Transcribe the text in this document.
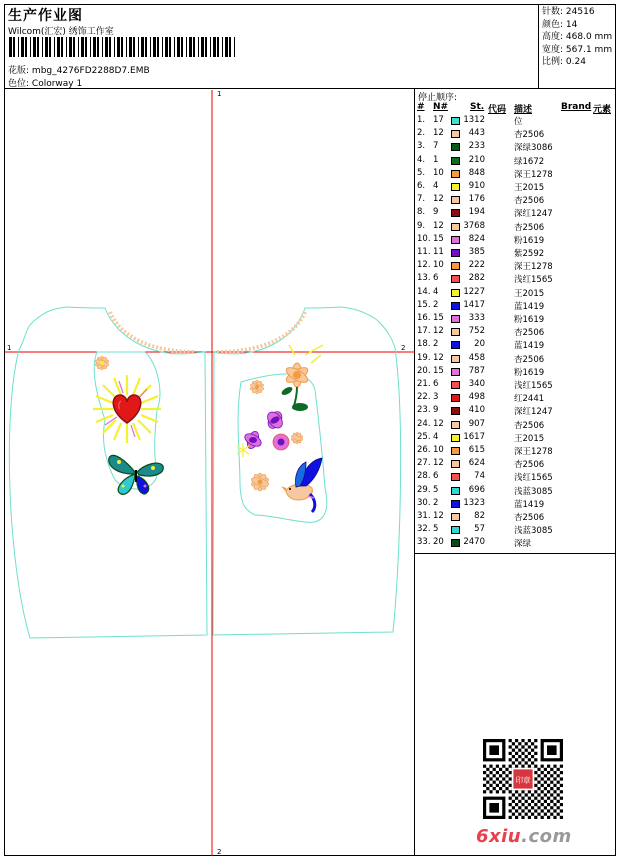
生产作业图
Wilcom(汇宏) 绣饰工作室
花版: mbg_4276FD2288D7.EMB
色位: Colorway 1
针数: 24516
颜色: 14
高度: 468.0 mm
宽度: 567.1 mm
比例: 0.24
停止顺序:
# N# St. 代码 描述	Brand 元素
1. 17 1312	位
2. 12	443	杏2506
3. 7	233	深绿3086
4. 1	210	绿1672
5. 10	848	深王1278
6. 4	910	王2015
7. 12	176	杏2506
8. 9	194	深红1247
9. 12 3768	杏2506
10. 15	824	粉1619
11. 11	385	紫2592
12. 10	222	深王1278
13. 6	282	浅红1565
14. 4	1227	王2015
15. 2	1417	蓝1419
16. 15	333	粉1619
17. 12	752	杏2506
18. 2	20	蓝1419
19. 12	458	杏2506
20. 15	787	粉1619
21. 6	340	浅红1565
22. 3	498	红2441
23. 9	410	深红1247
24. 12	907	杏2506
25. 4	1617	王2015
26. 10	615	深王1278
27. 12	624	杏2506
28. 6	74	浅红1565
29. 5	696	浅蓝3085
30. 2	1323	蓝1419
31. 12	82	杏2506
32. 5	57	浅蓝3085
33. 20 2470	深绿
1
2
1	2
印章
6xiu.com
